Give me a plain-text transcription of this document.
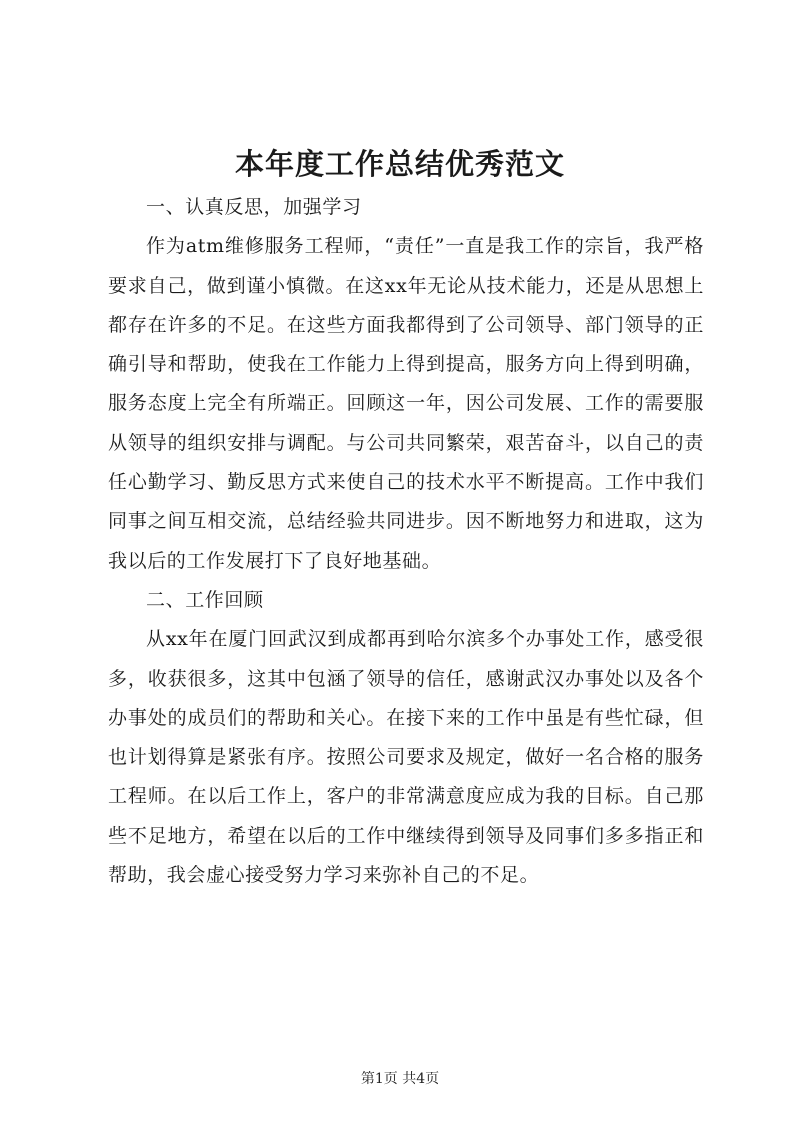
本年度工作总结优秀范文

一、认真反思，加强学习

作为atm维修服务工程师，“责任”一直是我工作的宗旨，我严格要求自己，做到谨小慎微。在这xx年无论从技术能力，还是从思想上都存在许多的不足。在这些方面我都得到了公司领导、部门领导的正确引导和帮助，使我在工作能力上得到提高，服务方向上得到明确，服务态度上完全有所端正。回顾这一年，因公司发展、工作的需要服从领导的组织安排与调配。与公司共同繁荣，艰苦奋斗，以自己的责任心勤学习、勤反思方式来使自己的技术水平不断提高。工作中我们同事之间互相交流，总结经验共同进步。因不断地努力和进取，这为我以后的工作发展打下了良好地基础。

二、工作回顾

从xx年在厦门回武汉到成都再到哈尔滨多个办事处工作，感受很多，收获很多，这其中包涵了领导的信任，感谢武汉办事处以及各个办事处的成员们的帮助和关心。在接下来的工作中虽是有些忙碌，但也计划得算是紧张有序。按照公司要求及规定，做好一名合格的服务工程师。在以后工作上，客户的非常满意度应成为我的目标。自己那些不足地方，希望在以后的工作中继续得到领导及同事们多多指正和帮助，我会虚心接受努力学习来弥补自己的不足。

第1页 共4页
